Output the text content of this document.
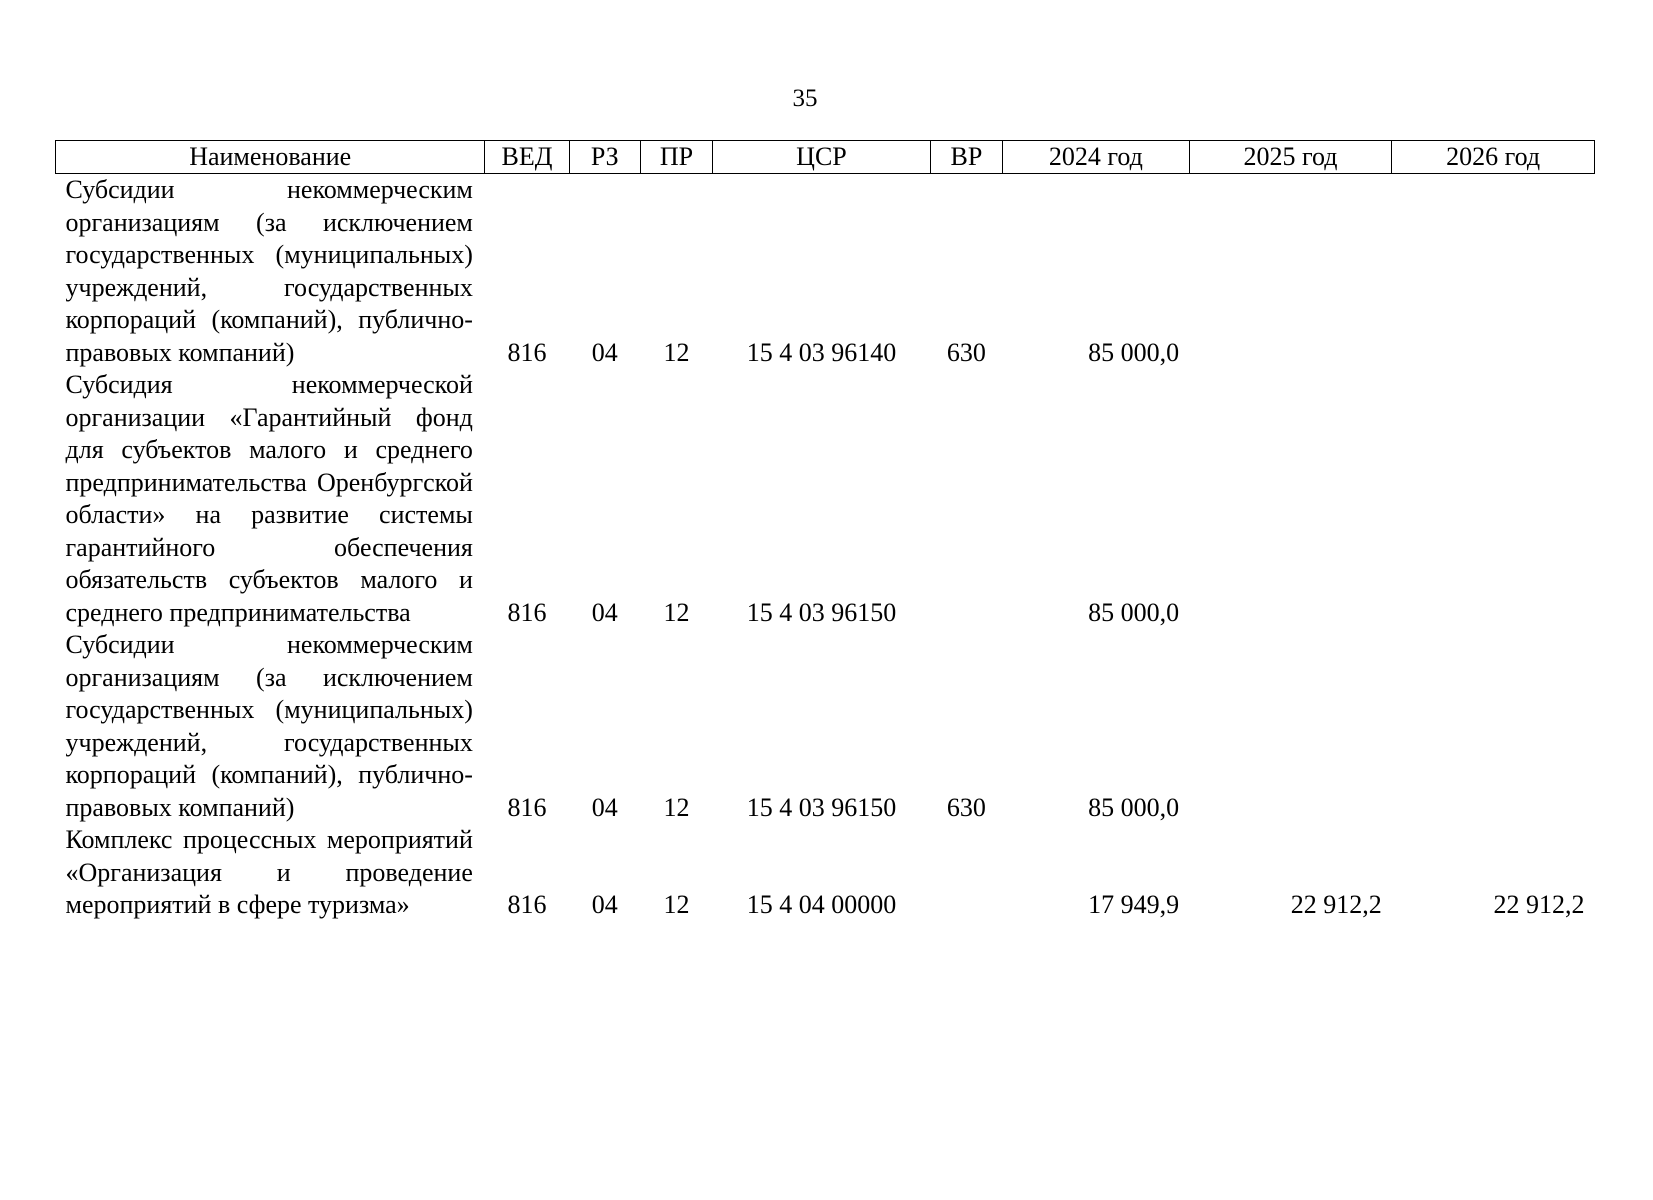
35
Наименование	ВЕД	РЗ	ПР	ЦСР	ВР	2024 год	2025 год	2026 год
Субсидии некоммерческим организациям (за исключением государственных (муниципальных) учреждений, государственных корпораций (компаний), публично-правовых компаний)	816	04	12	15 4 03 96140	630	85 000,0		
Субсидия некоммерческой организации «Гарантийный фонд для субъектов малого и среднего предпринимательства Оренбургской области» на развитие системы гарантийного обеспечения обязательств субъектов малого и среднего предпринимательства	816	04	12	15 4 03 96150		85 000,0		
Субсидии некоммерческим организациям (за исключением государственных (муниципальных) учреждений, государственных корпораций (компаний), публично-правовых компаний)	816	04	12	15 4 03 96150	630	85 000,0		
Комплекс процессных мероприятий «Организация и проведение мероприятий в сфере туризма»	816	04	12	15 4 04 00000		17 949,9	22 912,2	22 912,2
